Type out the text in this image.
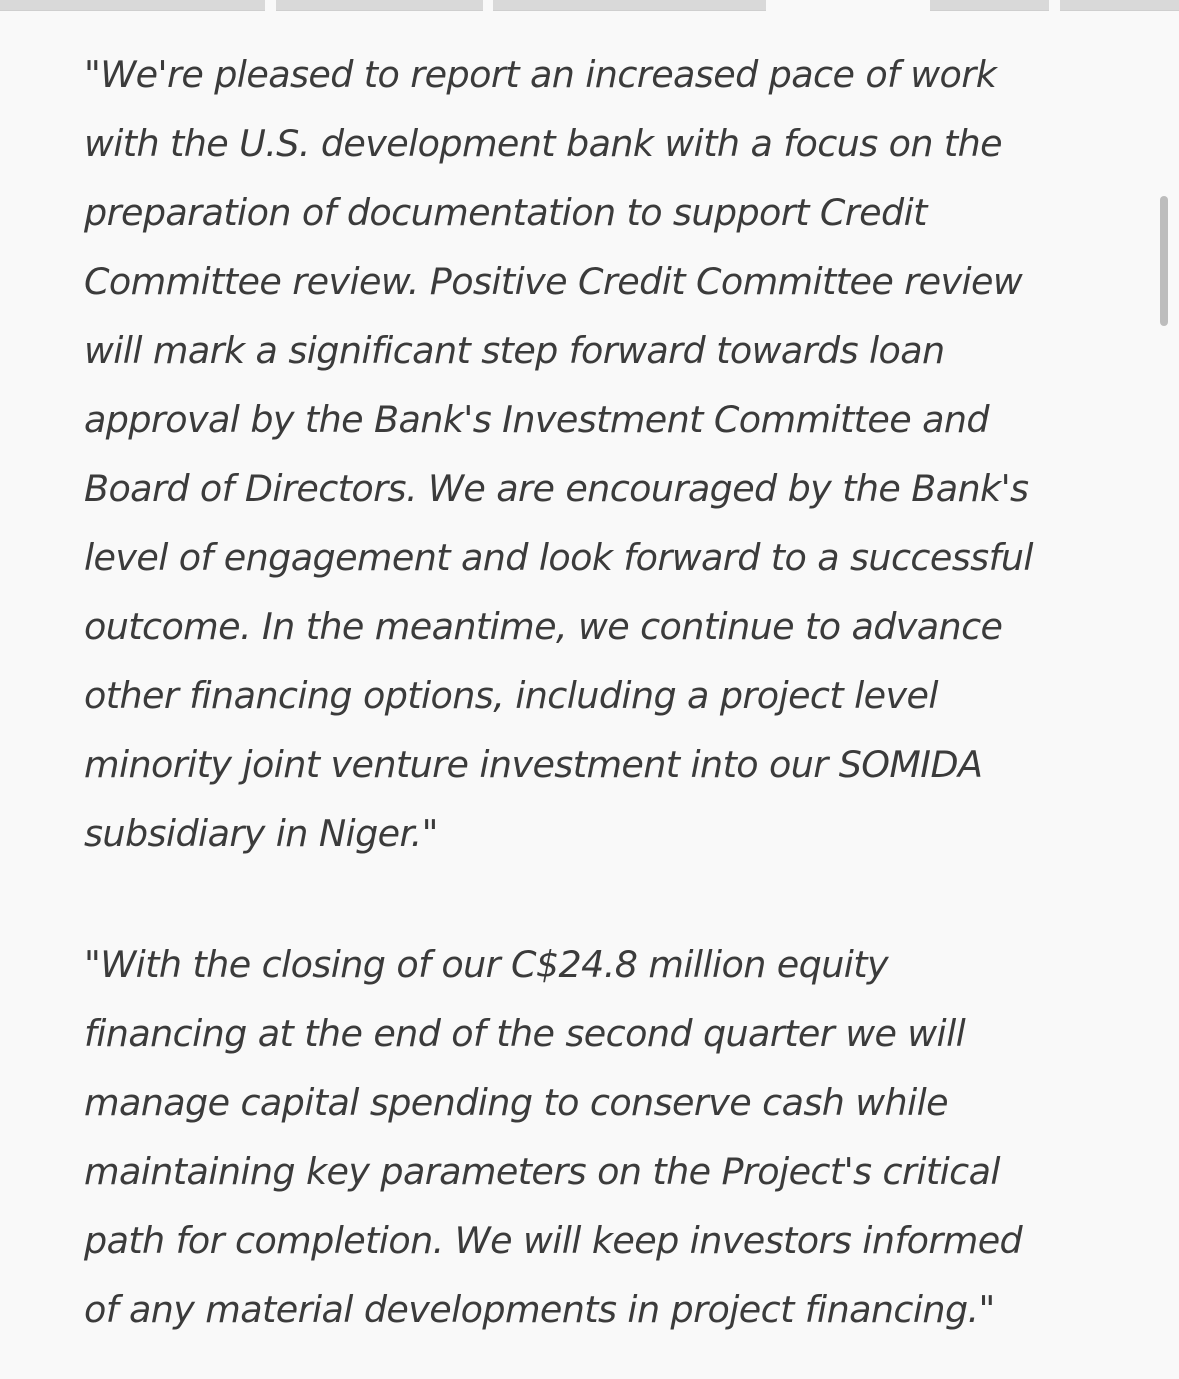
"We're pleased to report an increased pace of work
with the U.S. development bank with a focus on the
preparation of documentation to support Credit
Committee review. Positive Credit Committee review
will mark a significant step forward towards loan
approval by the Bank's Investment Committee and
Board of Directors. We are encouraged by the Bank's
level of engagement and look forward to a successful
outcome. In the meantime, we continue to advance
other financing options, including a project level
minority joint venture investment into our SOMIDA
subsidiary in Niger."

"With the closing of our C$24.8 million equity
financing at the end of the second quarter we will
manage capital spending to conserve cash while
maintaining key parameters on the Project's critical
path for completion. We will keep investors informed
of any material developments in project financing."
